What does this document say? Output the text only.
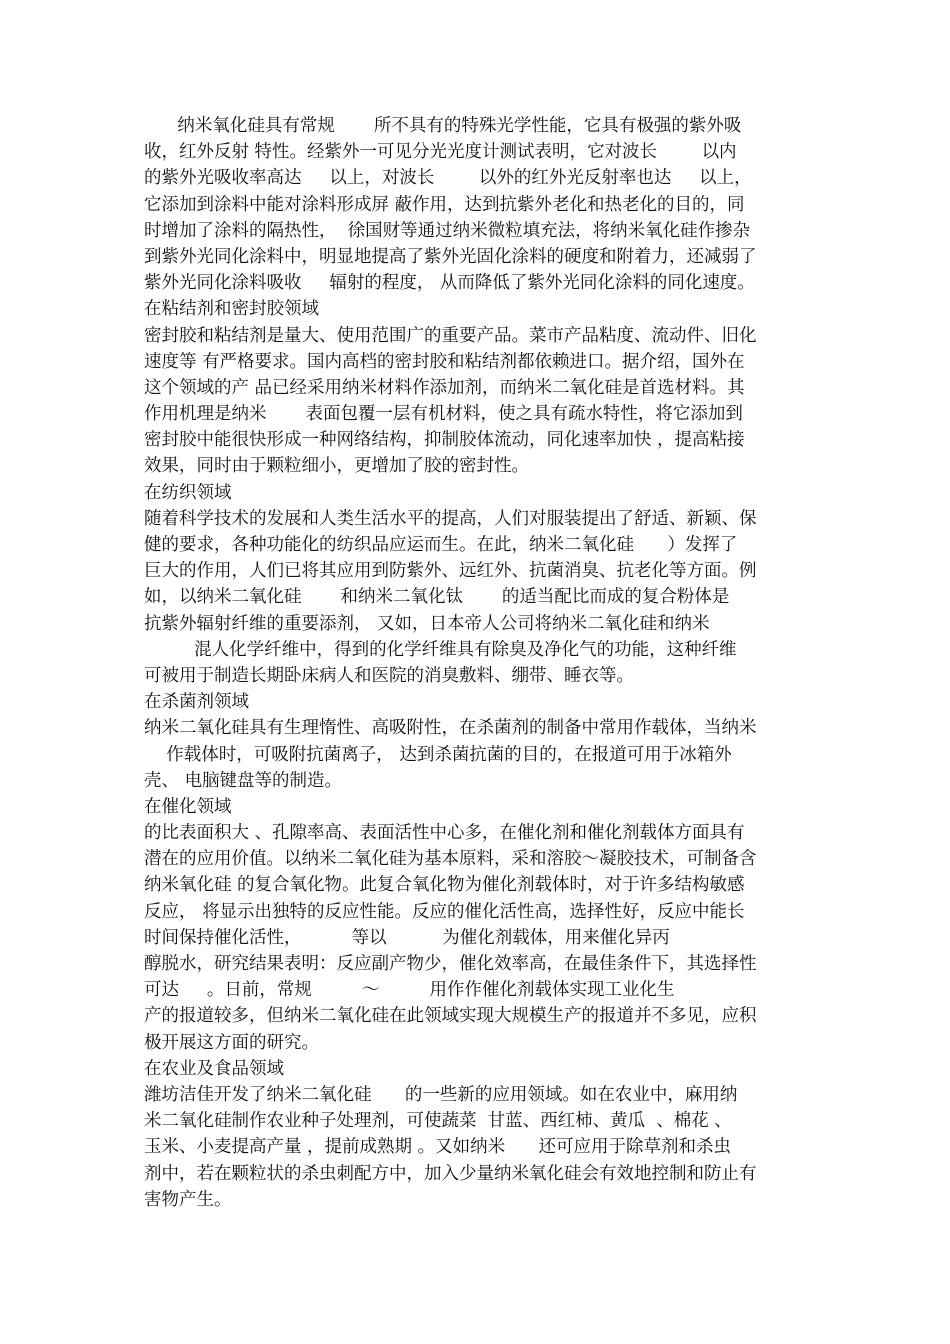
纳米氧化硅具有常规       所不具有的特殊光学性能，它具有极强的紫外吸
收，红外反射 特性。经紫外一可见分光光度计测试表明，它对波长        以内
的紫外光吸收率高达     以上，对波长        以外的红外光反射率也达     以上，
它添加到涂料中能对涂料形成屏 蔽作用，达到抗紫外老化和热老化的目的，同
时增加了涂料的隔热性，  徐国财等通过纳米微粒填充法，将纳米氧化硅作掺杂
到紫外光同化涂料中，明显地提高了紫外光固化涂料的硬度和附着力，还减弱了
紫外光同化涂料吸收     辐射的程度， 从而降低了紫外光同化涂料的同化速度。
在粘结剂和密封胶领域
密封胶和粘结剂是量大、使用范围广的重要产品。菜市产品粘度、流动件、旧化
速度等 有严格要求。国内高档的密封胶和粘结剂都依赖进口。据介绍，国外在
这个领域的产 品已经采用纳米材料作添加剂，而纳米二氧化硅是首选材料。其
作用机理是纳米       表面包覆一层有机材料，使之具有疏水特性，将它添加到
密封胶中能很快形成一种网络结构，抑制胶体流动，同化速率加快 ，提高粘接
效果，同时由于颗粒细小，更增加了胶的密封性。
在纺织领域
随着科学技术的发展和人类生活水平的提高，人们对服装提出了舒适、新颖、保
健的要求，各种功能化的纺织品应运而生。在此，纳米二氧化硅      ）发挥了
巨大的作用，人们已将其应用到防紫外、远红外、抗菌消臭、抗老化等方面。例
如，以纳米二氧化硅       和纳米二氧化钛       的适当配比而成的复合粉体是
抗紫外辐射纤维的重要添剂， 又如，日本帝人公司将纳米二氧化硅和纳米
混人化学纤维中，得到的化学纤维具有除臭及净化气的功能，这种纤维
可被用于制造长期卧床病人和医院的消臭敷料、绷带、睡衣等。
在杀菌剂领域
纳米二氧化硅具有生理惰性、高吸附性，在杀菌剂的制备中常用作载体，当纳米
作载体时，可吸附抗菌离子， 达到杀菌抗菌的目的，在报道可用于冰箱外
壳、 电脑键盘等的制造。
在催化领域
的比表面积大 、孔隙率高、表面活性中心多，在催化剂和催化剂载体方面具有
潜在的应用价值。以纳米二氧化硅为基本原料，采和溶胶～凝胶技术，可制备含
纳米氧化硅 的复合氧化物。此复合氧化物为催化剂载体时，对于许多结构敏感
反应， 将显示出独特的反应性能。反应的催化活性高，选择性好，反应中能长
时间保持催化活性，         等以          为催化剂载体，用来催化异丙
醇脱水，研究结果表明：反应副产物少，催化效率高，在最佳条件下，其选择性
可达     。日前，常规         ～         用作作催化剂载体实现工业化生
产的报道较多，但纳米二氧化硅在此领域实现大规模生产的报道并不多见，应积
极开展这方面的研究。
在农业及食品领域
潍坊洁佳开发了纳米二氧化硅      的一些新的应用领域。如在农业中，麻用纳
米二氧化硅制作农业种子处理剂，可使蔬菜  甘蓝、西红柿、黄瓜  、棉花 、
玉米、小麦提高产量 ，提前成熟期 。又如纳米      还可应用于除草剂和杀虫
剂中，若在颗粒状的杀虫刺配方中，加入少量纳米氧化硅会有效地控制和防止有
害物产生。
